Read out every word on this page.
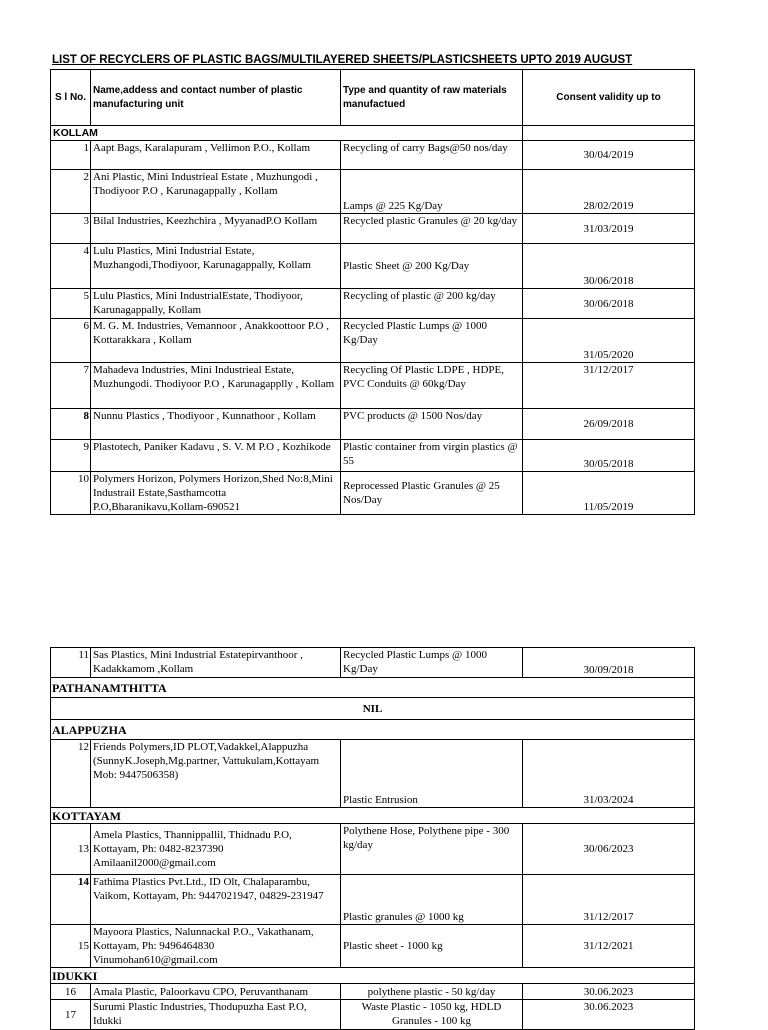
LIST OF RECYCLERS OF PLASTIC BAGS/MULTILAYERED SHEETS/PLASTICSHEETS UPTO 2019 AUGUST
S l No.	Name,addess and contact number of plastic manufacturing unit	Type and quantity of raw materials manufactued	Consent validity up to
KOLLAM			
1	Aapt Bags, Karalapuram , Vellimon P.O., Kollam	Recycling of carry Bags@50 nos/day	30/04/2019
2	Ani Plastic, Mini Industrieal Estate , Muzhungodi , Thodiyoor P.O , Karunagappally , Kollam	Lamps @ 225 Kg/Day	28/02/2019
3	Bilal Industries, Keezhchira , MyyanadP.O Kollam	Recycled plastic Granules @ 20 kg/day	31/03/2019
4	Lulu Plastics, Mini Industrial Estate, Muzhangodi,Thodiyoor, Karunagappally, Kollam	Plastic Sheet @ 200 Kg/Day	30/06/2018
5	Lulu Plastics, Mini IndustrialEstate, Thodiyoor, Karunagappally, Kollam	Recycling of plastic @ 200 kg/day	30/06/2018
6	M. G. M. Industries, Vemannoor , Anakkoottoor P.O , Kottarakkara , Kollam	Recycled Plastic Lumps @ 1000 Kg/Day	31/05/2020
7	Mahadeva Industries, Mini Industrieal Estate, Muzhungodi. Thodiyoor P.O , Karunagapplly , Kollam	Recycling Of Plastic LDPE , HDPE, PVC Conduits @ 60kg/Day	31/12/2017
8	Nunnu Plastics , Thodiyoor , Kunnathoor , Kollam	PVC products @ 1500 Nos/day	26/09/2018
9	Plastotech, Paniker Kadavu , S. V. M P.O , Kozhikode	Plastic container from virgin plastics @ 55	30/05/2018
10	Polymers Horizon, Polymers Horizon,Shed No:8,Mini Industrail Estate,Sasthamcotta P.O,Bharanikavu,Kollam-690521	Reprocessed Plastic Granules @ 25 Nos/Day	11/05/2019
11	Sas Plastics, Mini Industrial Estatepirvanthoor , Kadakkamom ,Kollam	Recycled Plastic Lumps @ 1000 Kg/Day	30/09/2018
PATHANAMTHITTA			
NIL			
ALAPPUZHA			
12	Friends Polymers,ID PLOT,Vadakkel,Alappuzha (SunnyK.Joseph,Mg.partner, Vattukulam,Kottayam Mob: 9447506358)	Plastic Entrusion	31/03/2024
KOTTAYAM			
13	Amela Plastics, Thannippallil, Thidnadu P.O, Kottayam, Ph: 0482-8237390 Amilaanil2000@gmail.com	Polythene Hose, Polythene pipe - 300 kg/day	30/06/2023
14	Fathima Plastics Pvt.Ltd., ID Olt, Chalaparambu, Vaikom, Kottayam, Ph: 9447021947, 04829-231947	Plastic granules @ 1000 kg	31/12/2017
15	Mayoora Plastics, Nalunnackal P.O., Vakathanam, Kottayam, Ph: 9496464830 Vinumohan610@gmail.com	Plastic sheet - 1000 kg	31/12/2021
IDUKKI			
16	Amala Plastic, Paloorkavu CPO, Peruvanthanam	polythene plastic - 50 kg/day	30.06.2023
17	Surumi Plastic Industries, Thodupuzha East P.O, Idukki	Waste Plastic - 1050 kg, HDLD Granules - 100 kg	30.06.2023
